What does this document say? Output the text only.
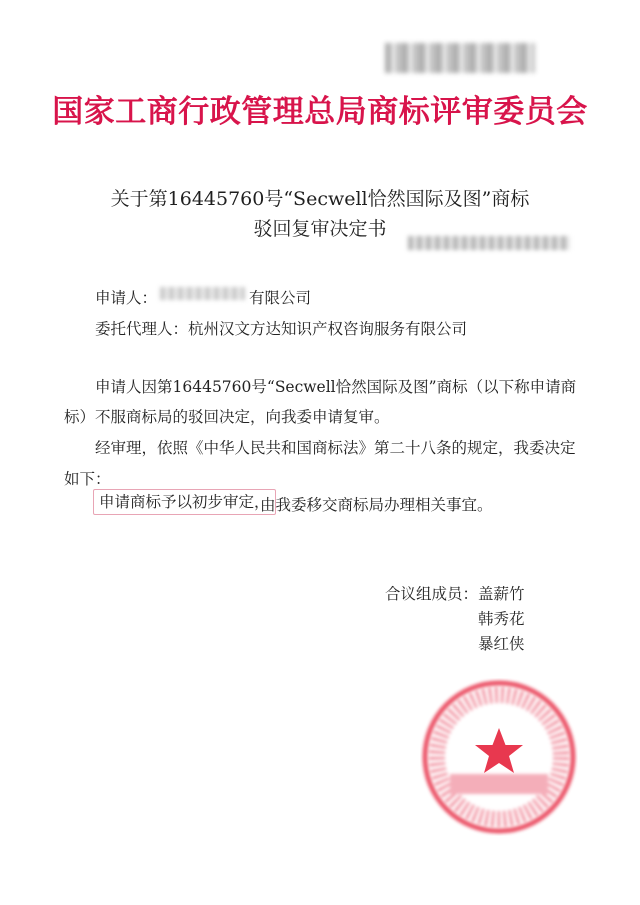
国家工商行政管理总局商标评审委员会
关于第16445760号“Secwell恰然国际及图”商标
驳回复审决定书
申请人：	有限公司
委托代理人：杭州汉文方达知识产权咨询服务有限公司
申请人因第16445760号“Secwell恰然国际及图”商标（以下称申请商
标）不服商标局的驳回决定，向我委申请复审。
经审理，依照《中华人民共和国商标法》第二十八条的规定，我委决定
如下：
申请商标予以初步审定，
由我委移交商标局办理相关事宜。
合议组成员： 盖薪竹
韩秀花
暴红侠
